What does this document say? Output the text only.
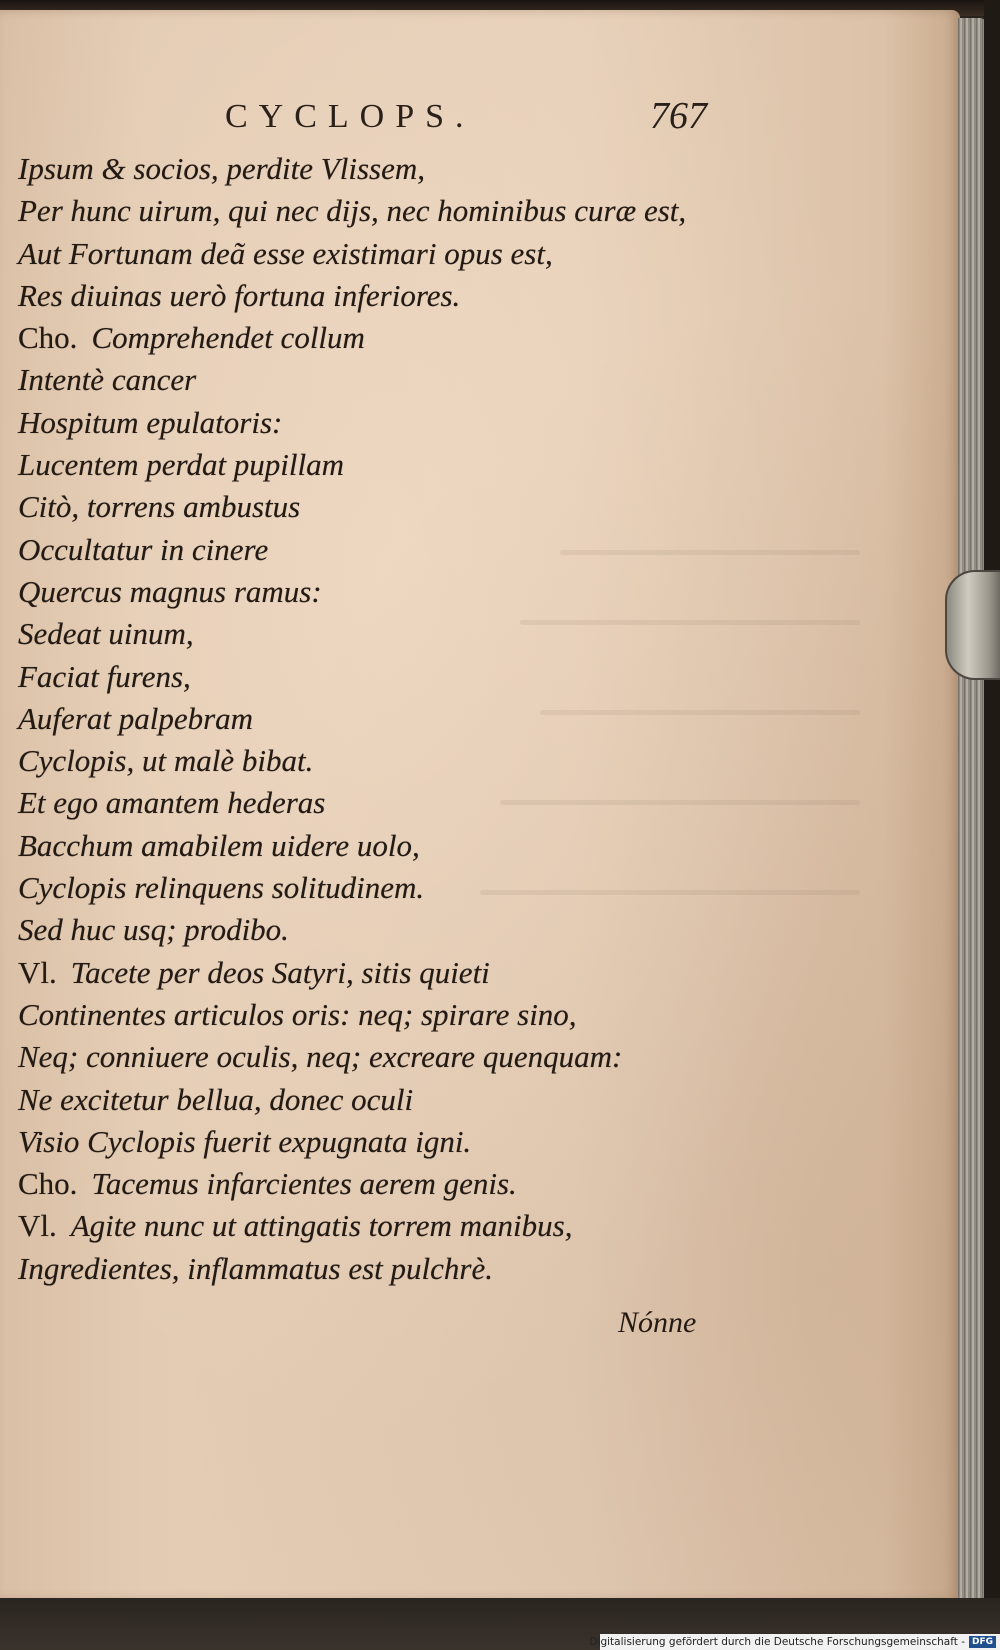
CYCLOPS.	767
Ipsum & socios, perdite Vlissem,
Per hunc uirum, qui nec dijs, nec hominibus curæ est,
Aut Fortunam deã esse existimari opus est,
Res diuinas uerò fortuna inferiores.
Cho. Comprehendet collum
Intentè cancer
Hospitum epulatoris:
Lucentem perdat pupillam
Citò, torrens ambustus
Occultatur in cinere
Quercus magnus ramus:
Sedeat uinum,
Faciat furens,
Auferat palpebram
Cyclopis, ut malè bibat.
Et ego amantem hederas
Bacchum amabilem uidere uolo,
Cyclopis relinquens solitudinem.
Sed huc usq; prodibo.
Vl. Tacete per deos Satyri, sitis quieti
Continentes articulos oris: neq; spirare sino,
Neq; conniuere oculis, neq; excreare quenquam:
Ne excitetur bellua, donec oculi
Visio Cyclopis fuerit expugnata igni.
Cho. Tacemus infarcientes aerem genis.
Vl. Agite nunc ut attingatis torrem manibus,
Ingredientes, inflammatus est pulchrè.
Nónne
Digitalisierung gefördert durch die Deutsche Forschungsgemeinschaft - DFG
